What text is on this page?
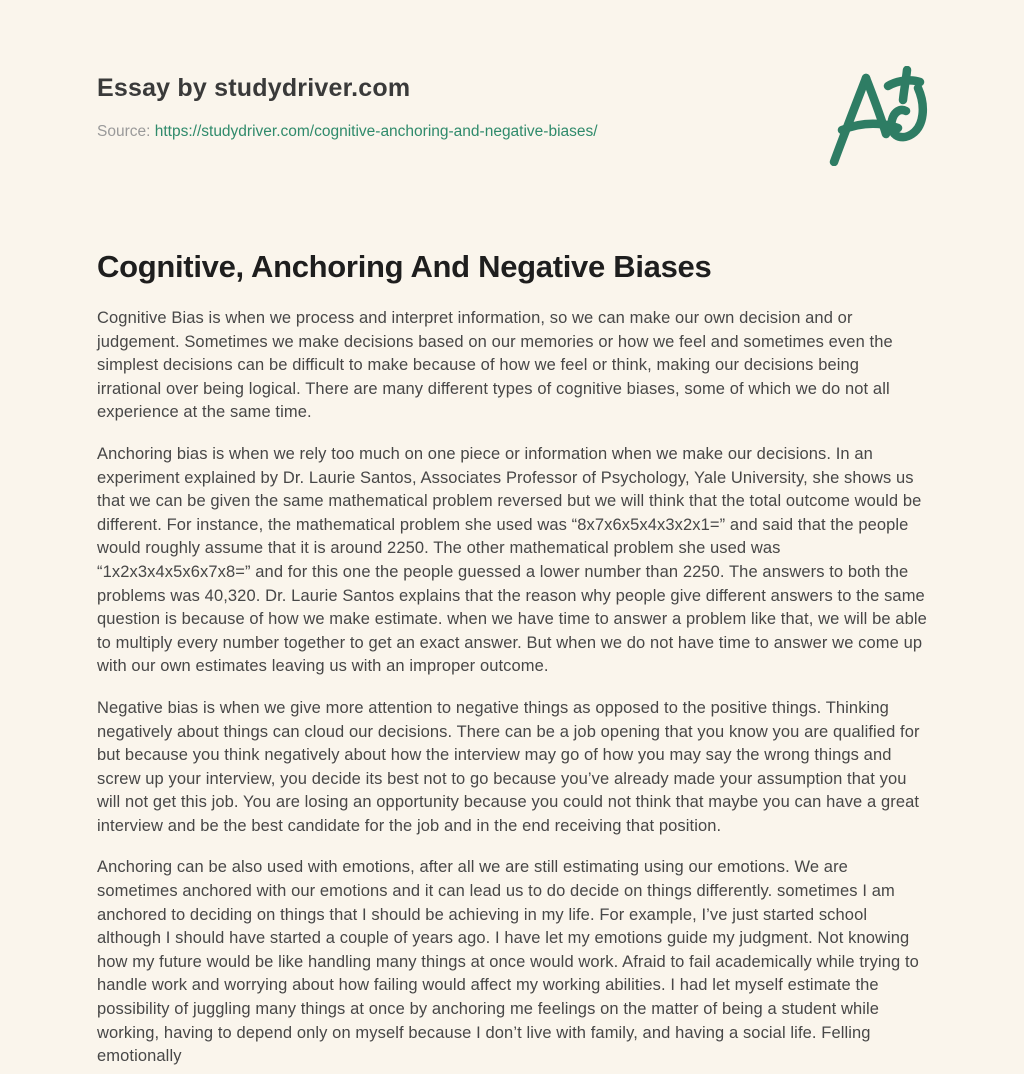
Essay by studydriver.com
Source: https://studydriver.com/cognitive-anchoring-and-negative-biases/
Cognitive, Anchoring And Negative Biases

Cognitive Bias is when we process and interpret information, so we can make our own decision and or judgement. Sometimes we make decisions based on our memories or how we feel and sometimes even the simplest decisions can be difficult to make because of how we feel or think, making our decisions being irrational over being logical. There are many different types of cognitive biases, some of which we do not all experience at the same time.

Anchoring bias is when we rely too much on one piece or information when we make our decisions. In an experiment explained by Dr. Laurie Santos, Associates Professor of Psychology, Yale University, she shows us that we can be given the same mathematical problem reversed but we will think that the total outcome would be different. For instance, the mathematical problem she used was “8x7x6x5x4x3x2x1=” and said that the people would roughly assume that it is around 2250. The other mathematical problem she used was “1x2x3x4x5x6x7x8=” and for this one the people guessed a lower number than 2250. The answers to both the problems was 40,320. Dr. Laurie Santos explains that the reason why people give different answers to the same question is because of how we make estimate. when we have time to answer a problem like that, we will be able to multiply every number together to get an exact answer. But when we do not have time to answer we come up with our own estimates leaving us with an improper outcome.

Negative bias is when we give more attention to negative things as opposed to the positive things. Thinking negatively about things can cloud our decisions. There can be a job opening that you know you are qualified for but because you think negatively about how the interview may go of how you may say the wrong things and screw up your interview, you decide its best not to go because you’ve already made your assumption that you will not get this job. You are losing an opportunity because you could not think that maybe you can have a great interview and be the best candidate for the job and in the end receiving that position.

Anchoring can be also used with emotions, after all we are still estimating using our emotions. We are sometimes anchored with our emotions and it can lead us to do decide on things differently. sometimes I am anchored to deciding on things that I should be achieving in my life. For example, I’ve just started school although I should have started a couple of years ago. I have let my emotions guide my judgment. Not knowing how my future would be like handling many things at once would work. Afraid to fail academically while trying to handle work and worrying about how failing would affect my working abilities. I had let myself estimate the possibility of juggling many things at once by anchoring me feelings on the matter of being a student while working, having to depend only on myself because I don’t live with family, and having a social life. Felling emotionally
